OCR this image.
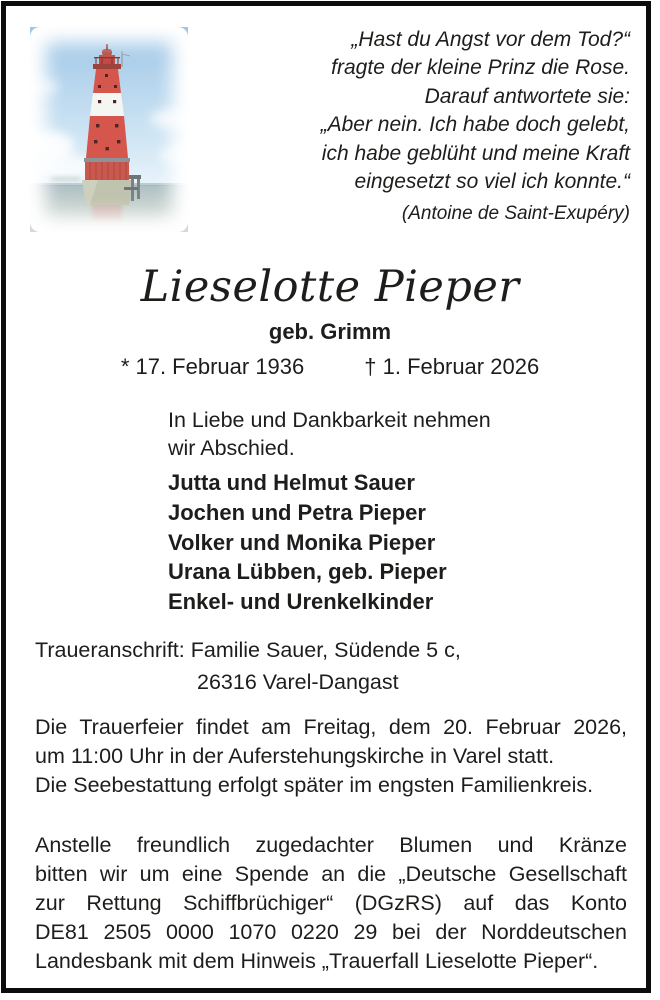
„Hast du Angst vor dem Tod?“
fragte der kleine Prinz die Rose.
Darauf antwortete sie:
„Aber nein. Ich habe doch gelebt,
ich habe geblüht und meine Kraft
eingesetzt so viel ich konnte.“
(Antoine de Saint-Exupéry)
Lieselotte Pieper
geb. Grimm
* 17. Februar 1936	† 1. Februar 2026
In Liebe und Dankbarkeit nehmen
wir Abschied.
Jutta und Helmut Sauer
Jochen und Petra Pieper
Volker und Monika Pieper
Urana Lübben, geb. Pieper
Enkel- und Urenkelkinder
Traueranschrift: Familie Sauer, Südende 5 c,
26316 Varel-Dangast
Die Trauerfeier findet am Freitag, dem 20. Februar 2026,
um 11:00 Uhr in der Auferstehungskirche in Varel statt.
Die Seebestattung erfolgt später im engsten Familienkreis.
Anstelle freundlich zugedachter Blumen und Kränze
bitten wir um eine Spende an die „Deutsche Gesellschaft
zur Rettung Schiffbrüchiger“ (DGzRS) auf das Konto
DE81 2505 0000 1070 0220 29 bei der Norddeutschen
Landesbank mit dem Hinweis „Trauerfall Lieselotte Pieper“.
